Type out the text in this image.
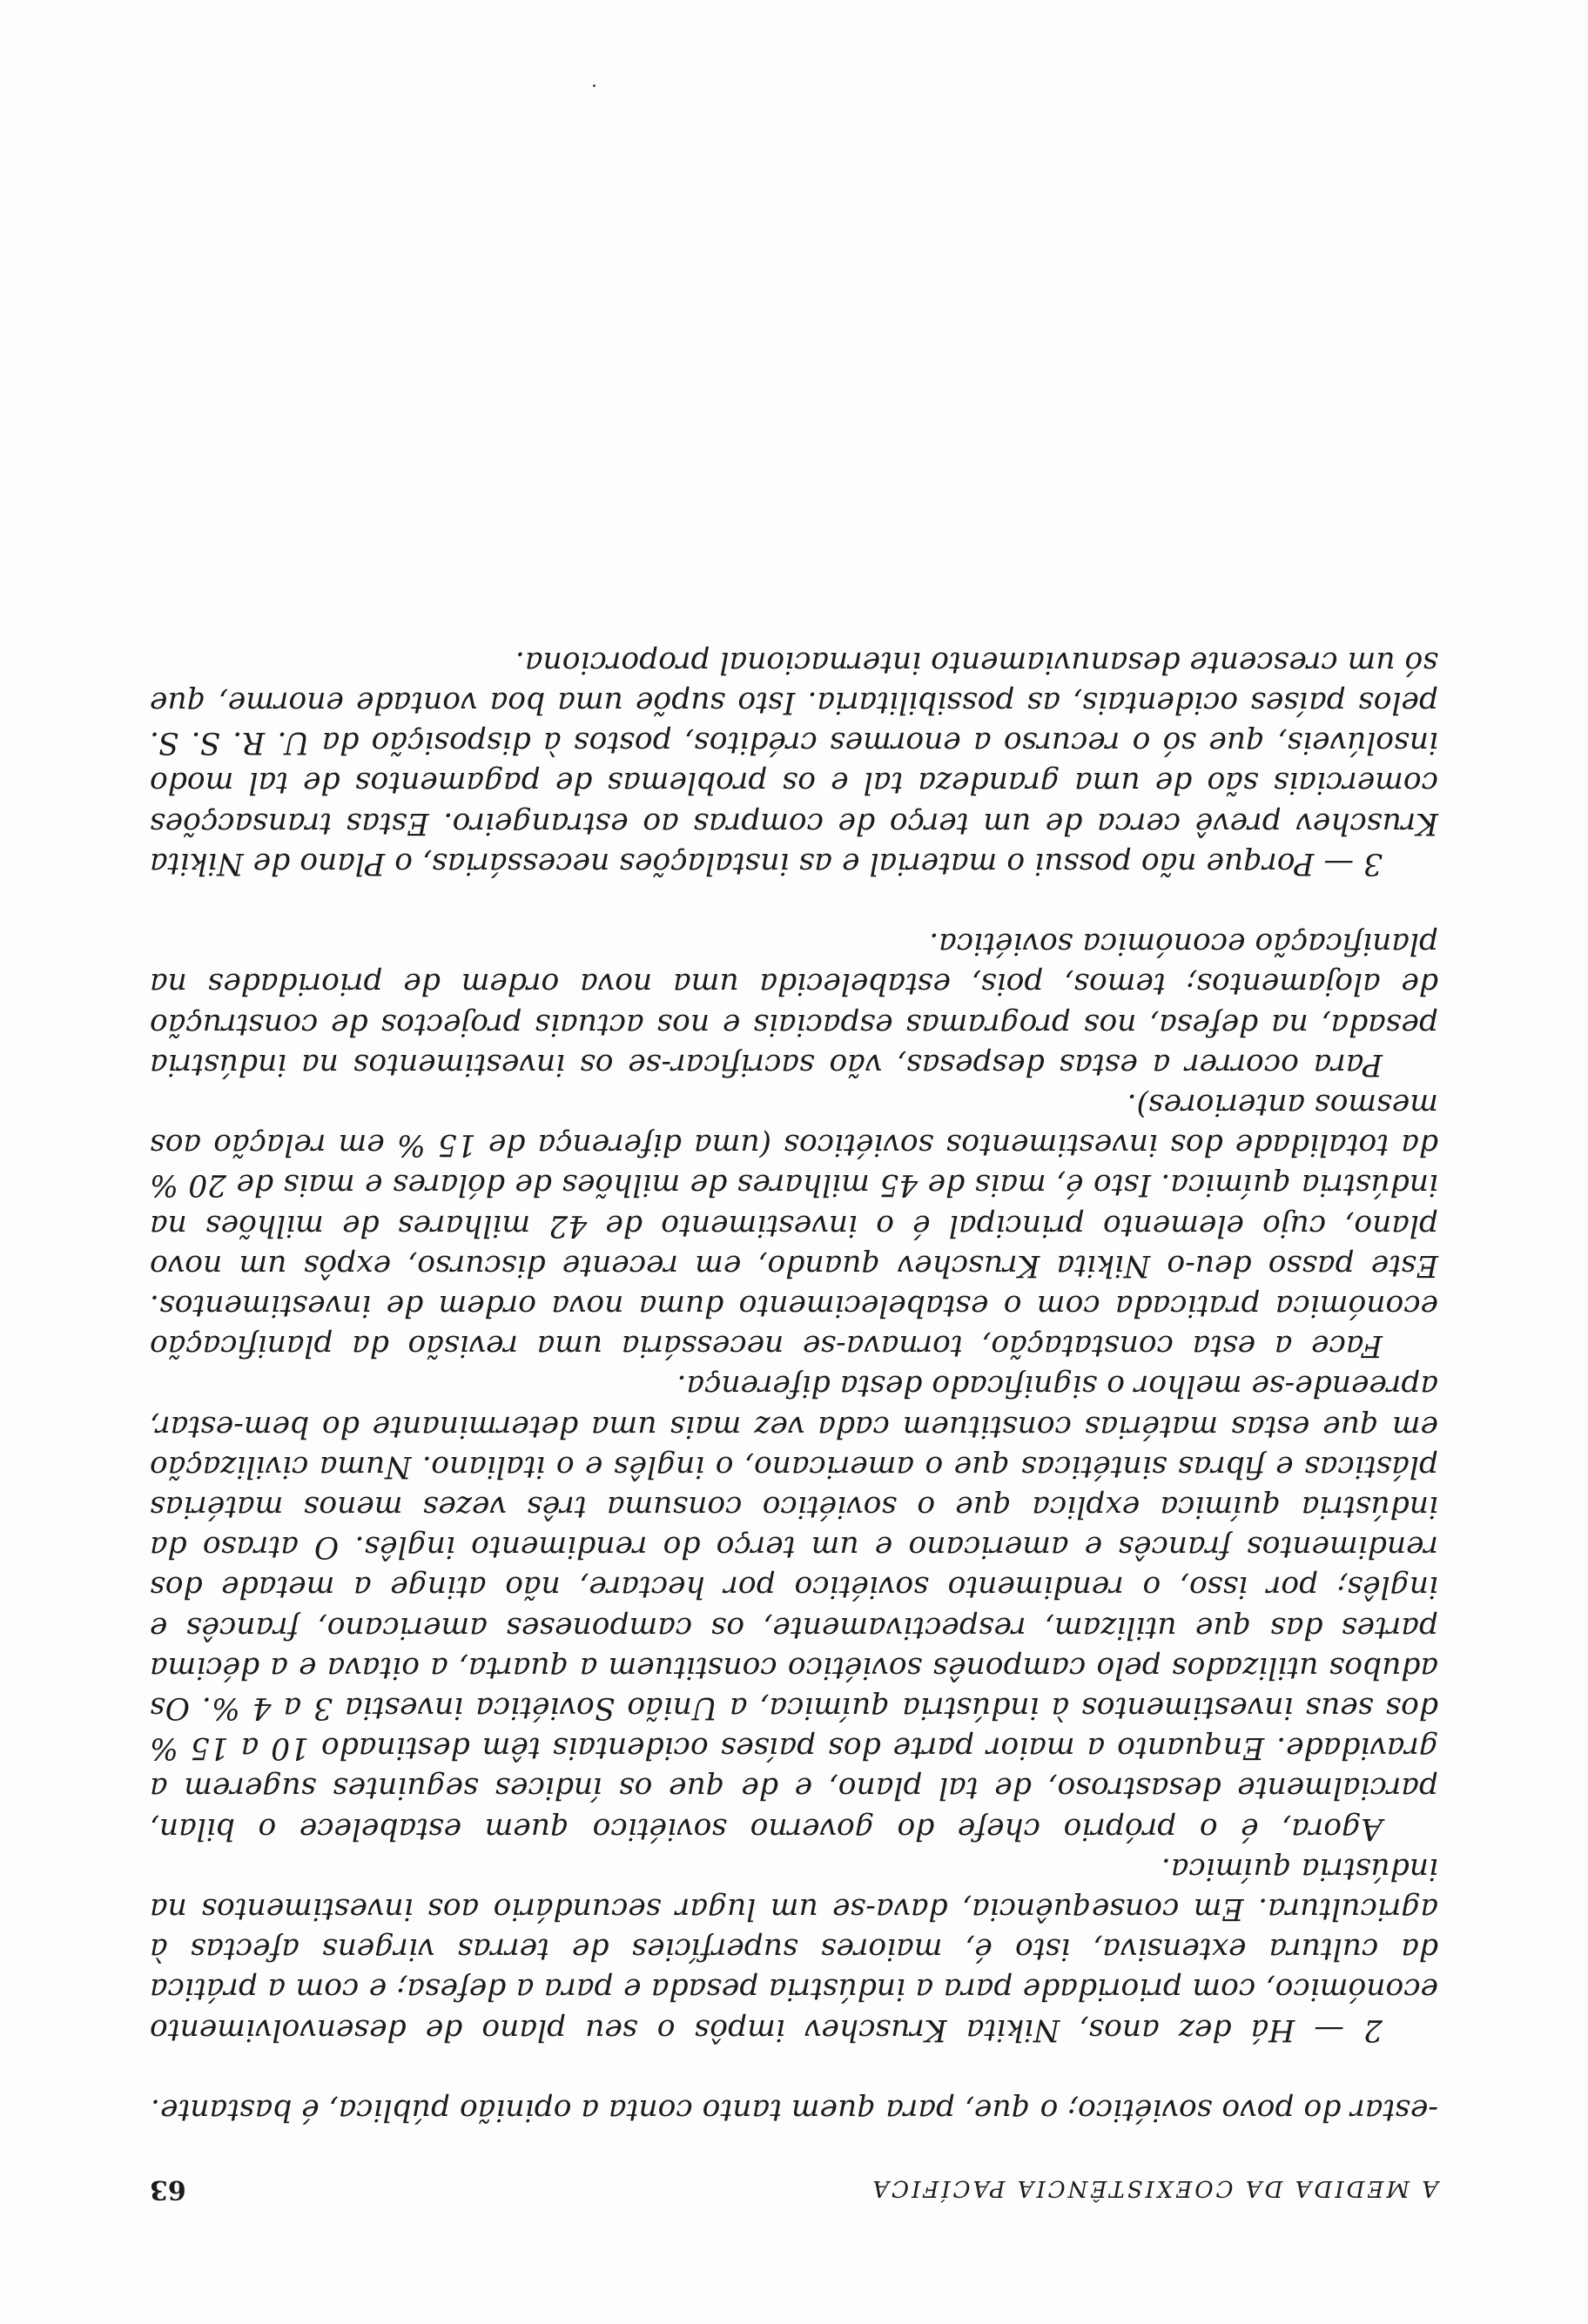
A MEDIDA DA COEXISTÊNCIA PACÍFICA
63

-estar do povo soviético; o que, para quem tanto conta a opinião pública, é bastante.

2 — Há dez anos, Nikita Kruschev impôs o seu plano de desenvolvimento económico, com prioridade para a indústria pesada e para a defesa; e com a prática da cultura extensiva, isto é, maiores superfícies de terras virgens afectas à agricultura. Em consequência, dava-se um lugar secundário aos investimentos na indústria química.

Agora, é o próprio chefe do governo soviético quem estabelece o bilan, parcialmente desastroso, de tal plano, e de que os índices seguintes sugerem a gravidade. Enquanto a maior parte dos países ocidentais têm destinado 10 a 15 % dos seus investimentos à indústria química, a União Soviética investia 3 a 4 %. Os adubos utilizados pelo camponês soviético constituem a quarta, a oitava e a décima partes das que utilizam, respectivamente, os camponeses americano, francês e inglês; por isso, o rendimento soviético por hectare, não atinge a metade dos rendimentos francês e americano e um terço do rendimento inglês. O atraso da indústria química explica que o soviético consuma três vezes menos matérias plásticas e fibras sintéticas que o americano, o inglês e o italiano. Numa civilização em que estas matérias constituem cada vez mais uma determinante do bem-estar, apreende-se melhor o significado desta diferença.

Face a esta constatação, tornava-se necessária uma revisão da planificação económica praticada com o estabelecimento duma nova ordem de investimentos. Este passo deu-o Nikita Kruschev quando, em recente discurso, expôs um novo plano, cujo elemento principal é o investimento de 42 milhares de milhões na indústria química. Isto é, mais de 45 milhares de milhões de dólares e mais de 20 % da totalidade dos investimentos soviéticos (uma diferença de 15 % em relação aos mesmos anteriores).

Para ocorrer a estas despesas, vão sacrificar-se os investimentos na indústria pesada, na defesa, nos programas espaciais e nos actuais projectos de construção de alojamentos; temos, pois, estabelecida uma nova ordem de prioridades na planificação económica soviética.

3 — Porque não possui o material e as instalações necessárias, o Plano de Nikita Kruschev prevê cerca de um terço de compras ao estrangeiro. Estas transacções comerciais são de uma grandeza tal e os problemas de pagamentos de tal modo insolúveis, que só o recurso a enormes créditos, postos à disposição da U. R. S. S. pelos países ocidentais, as possibilitaria. Isto supõe uma boa vontade enorme, que só um crescente desanuviamento internacional proporciona.
